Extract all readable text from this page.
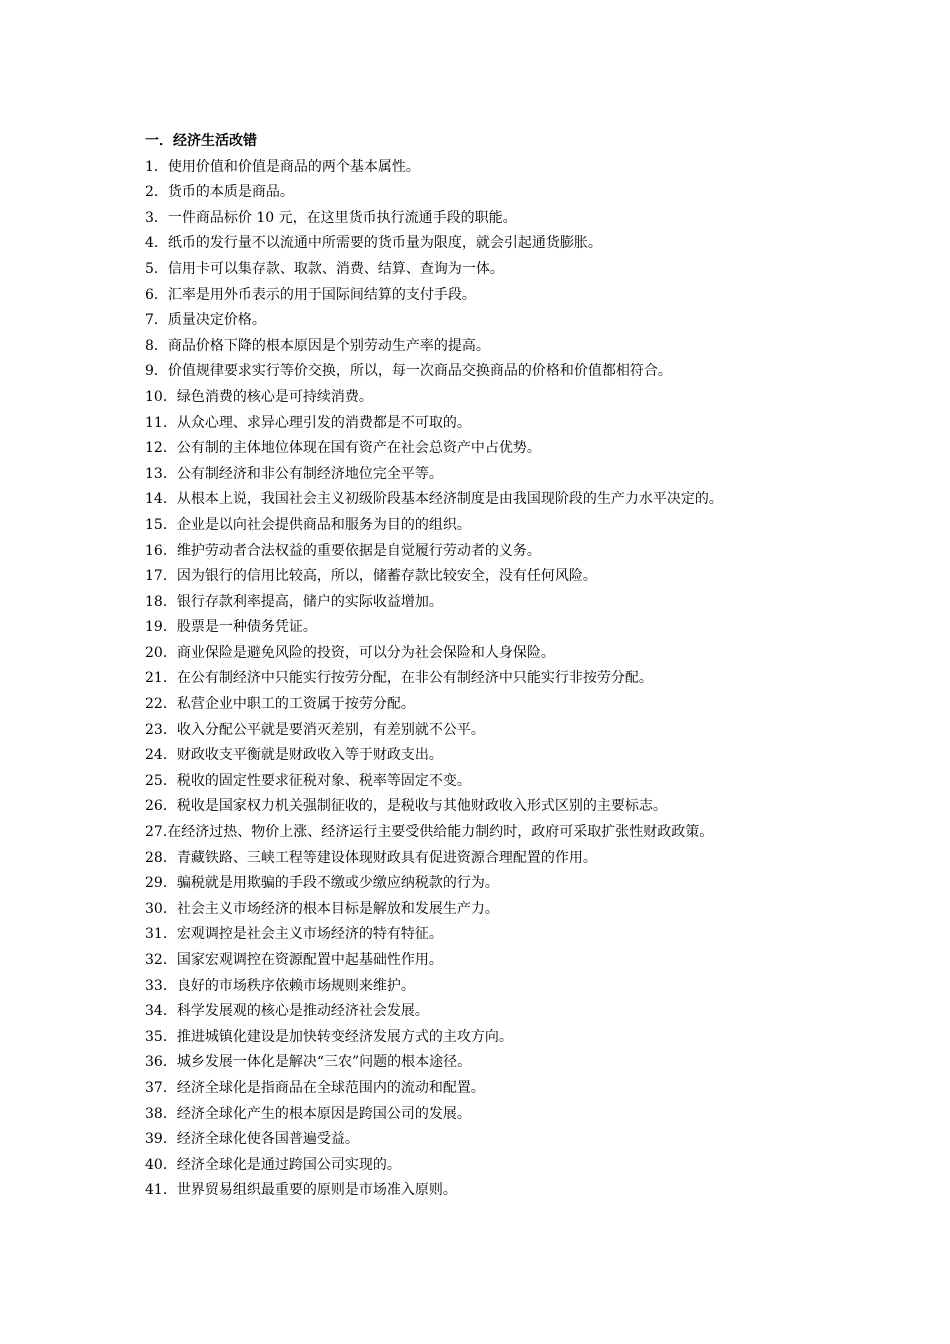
一．经济生活改错
1．使用价值和价值是商品的两个基本属性。
2．货币的本质是商品。
3．一件商品标价 10 元，在这里货币执行流通手段的职能。
4．纸币的发行量不以流通中所需要的货币量为限度，就会引起通货膨胀。
5．信用卡可以集存款、取款、消费、结算、查询为一体。
6．汇率是用外币表示的用于国际间结算的支付手段。
7．质量决定价格。
8．商品价格下降的根本原因是个别劳动生产率的提高。
9．价值规律要求实行等价交换，所以，每一次商品交换商品的价格和价值都相符合。
10．绿色消费的核心是可持续消费。
11．从众心理、求异心理引发的消费都是不可取的。
12．公有制的主体地位体现在国有资产在社会总资产中占优势。
13．公有制经济和非公有制经济地位完全平等。
14．从根本上说，我国社会主义初级阶段基本经济制度是由我国现阶段的生产力水平决定的。
15．企业是以向社会提供商品和服务为目的的组织。
16．维护劳动者合法权益的重要依据是自觉履行劳动者的义务。
17．因为银行的信用比较高，所以，储蓄存款比较安全，没有任何风险。
18．银行存款利率提高，储户的实际收益增加。
19．股票是一种债务凭证。
20．商业保险是避免风险的投资，可以分为社会保险和人身保险。
21．在公有制经济中只能实行按劳分配，在非公有制经济中只能实行非按劳分配。
22．私营企业中职工的工资属于按劳分配。
23．收入分配公平就是要消灭差别，有差别就不公平。
24．财政收支平衡就是财政收入等于财政支出。
25．税收的固定性要求征税对象、税率等固定不变。
26．税收是国家权力机关强制征收的，是税收与其他财政收入形式区别的主要标志。
27.在经济过热、物价上涨、经济运行主要受供给能力制约时，政府可采取扩张性财政政策。
28．青藏铁路、三峡工程等建设体现财政具有促进资源合理配置的作用。
29．骗税就是用欺骗的手段不缴或少缴应纳税款的行为。
30．社会主义市场经济的根本目标是解放和发展生产力。
31．宏观调控是社会主义市场经济的特有特征。
32．国家宏观调控在资源配置中起基础性作用。
33．良好的市场秩序依赖市场规则来维护。
34．科学发展观的核心是推动经济社会发展。
35．推进城镇化建设是加快转变经济发展方式的主攻方向。
36．城乡发展一体化是解决“三农”问题的根本途径。
37．经济全球化是指商品在全球范围内的流动和配置。
38．经济全球化产生的根本原因是跨国公司的发展。
39．经济全球化使各国普遍受益。
40．经济全球化是通过跨国公司实现的。
41．世界贸易组织最重要的原则是市场准入原则。
